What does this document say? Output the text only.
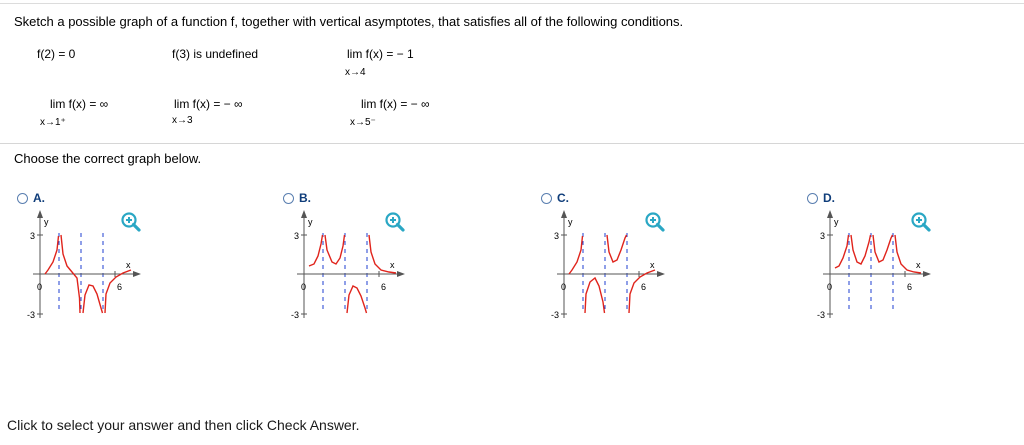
Sketch a possible graph of a function f, together with vertical asymptotes, that satisfies all of the following conditions.
f(2) = 0	f(3) is undefined	lim f(x) = − 1
x→4
lim f(x) = ∞
x→1⁺
lim f(x) = − ∞
x→3
lim f(x) = − ∞
x→5⁻
Choose the correct graph below.
A.
y
x
3
-3
0	6
B.
y
x
3
-3
0	6
C.
y
x
3
-3
0	6
D.
y
x
3
-3
0	6
Click to select your answer and then click Check Answer.
